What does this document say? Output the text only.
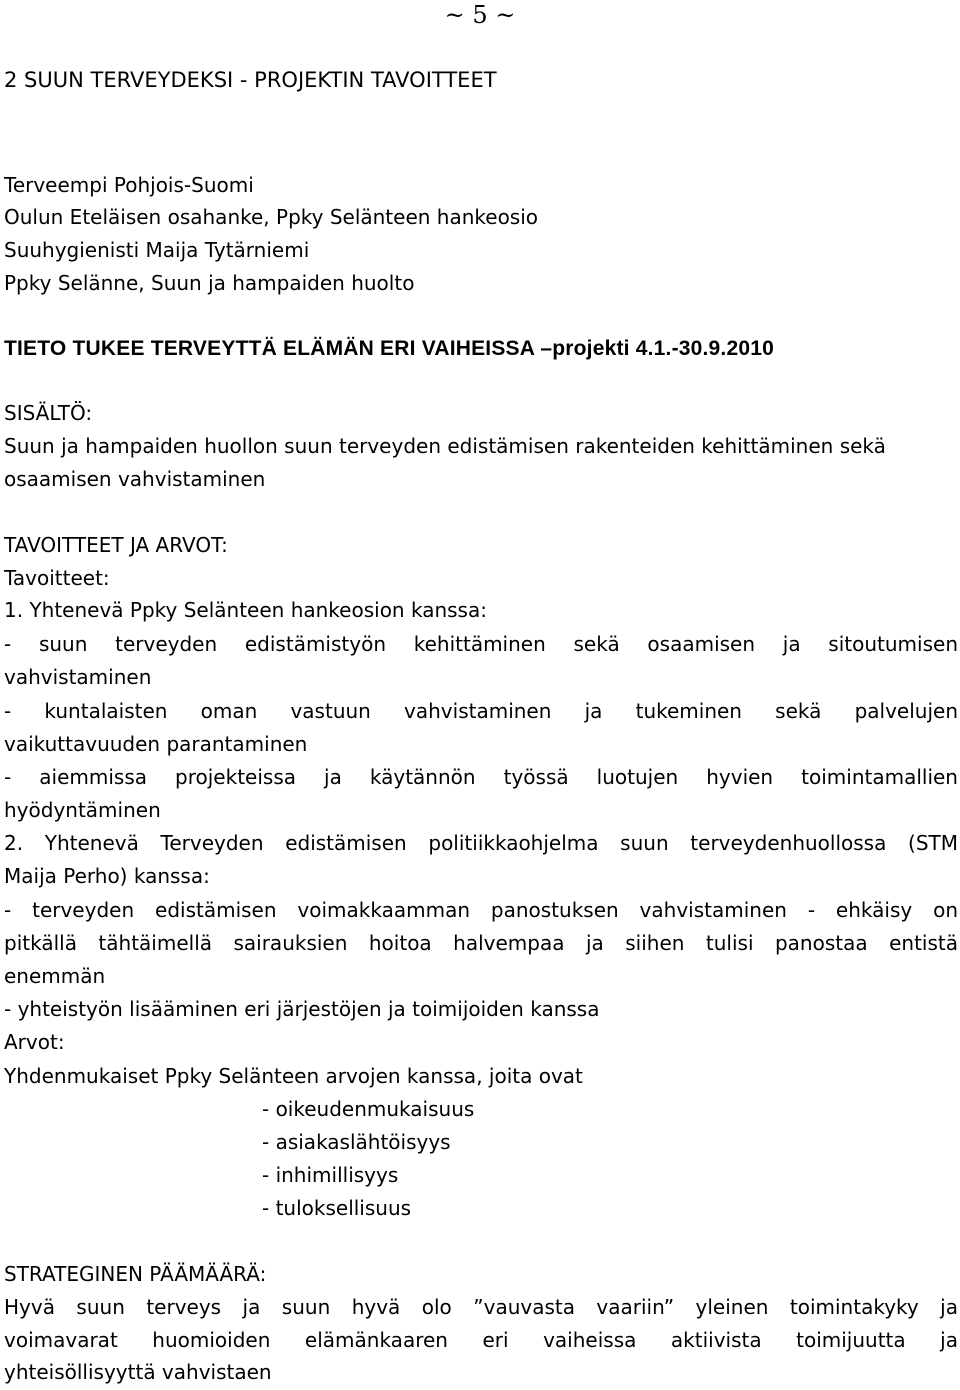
~ 5 ~
2 SUUN TERVEYDEKSI - PROJEKTIN TAVOITTEET
Terveempi Pohjois-Suomi
Oulun Eteläisen osahanke, Ppky Selänteen hankeosio
Suuhygienisti Maija Tytärniemi
Ppky Selänne, Suun ja hampaiden huolto
TIETO TUKEE TERVEYTTÄ ELÄMÄN ERI VAIHEISSA –projekti 4.1.-30.9.2010
SISÄLTÖ:
Suun ja hampaiden huollon suun terveyden edistämisen rakenteiden kehittäminen sekä
osaamisen vahvistaminen
TAVOITTEET JA ARVOT:
Tavoitteet:
1. Yhtenevä Ppky Selänteen hankeosion kanssa:
- suun terveyden edistämistyön kehittäminen sekä osaamisen ja sitoutumisen
vahvistaminen
- kuntalaisten oman vastuun vahvistaminen ja tukeminen sekä palvelujen
vaikuttavuuden parantaminen
- aiemmissa projekteissa ja käytännön työssä luotujen hyvien toimintamallien
hyödyntäminen
2. Yhtenevä Terveyden edistämisen politiikkaohjelma suun terveydenhuollossa (STM
Maija Perho) kanssa:
- terveyden edistämisen voimakkaamman panostuksen vahvistaminen - ehkäisy on
pitkällä tähtäimellä sairauksien hoitoa halvempaa ja siihen tulisi panostaa entistä
enemmän
- yhteistyön lisääminen eri järjestöjen ja toimijoiden kanssa
Arvot:
Yhdenmukaiset Ppky Selänteen arvojen kanssa, joita ovat
- oikeudenmukaisuus
- asiakaslähtöisyys
- inhimillisyys
- tuloksellisuus
STRATEGINEN PÄÄMÄÄRÄ:
Hyvä suun terveys ja suun hyvä olo ”vauvasta vaariin” yleinen toimintakyky ja
voimavarat huomioiden elämänkaaren eri vaiheissa aktiivista toimijuutta ja
yhteisöllisyyttä vahvistaen
